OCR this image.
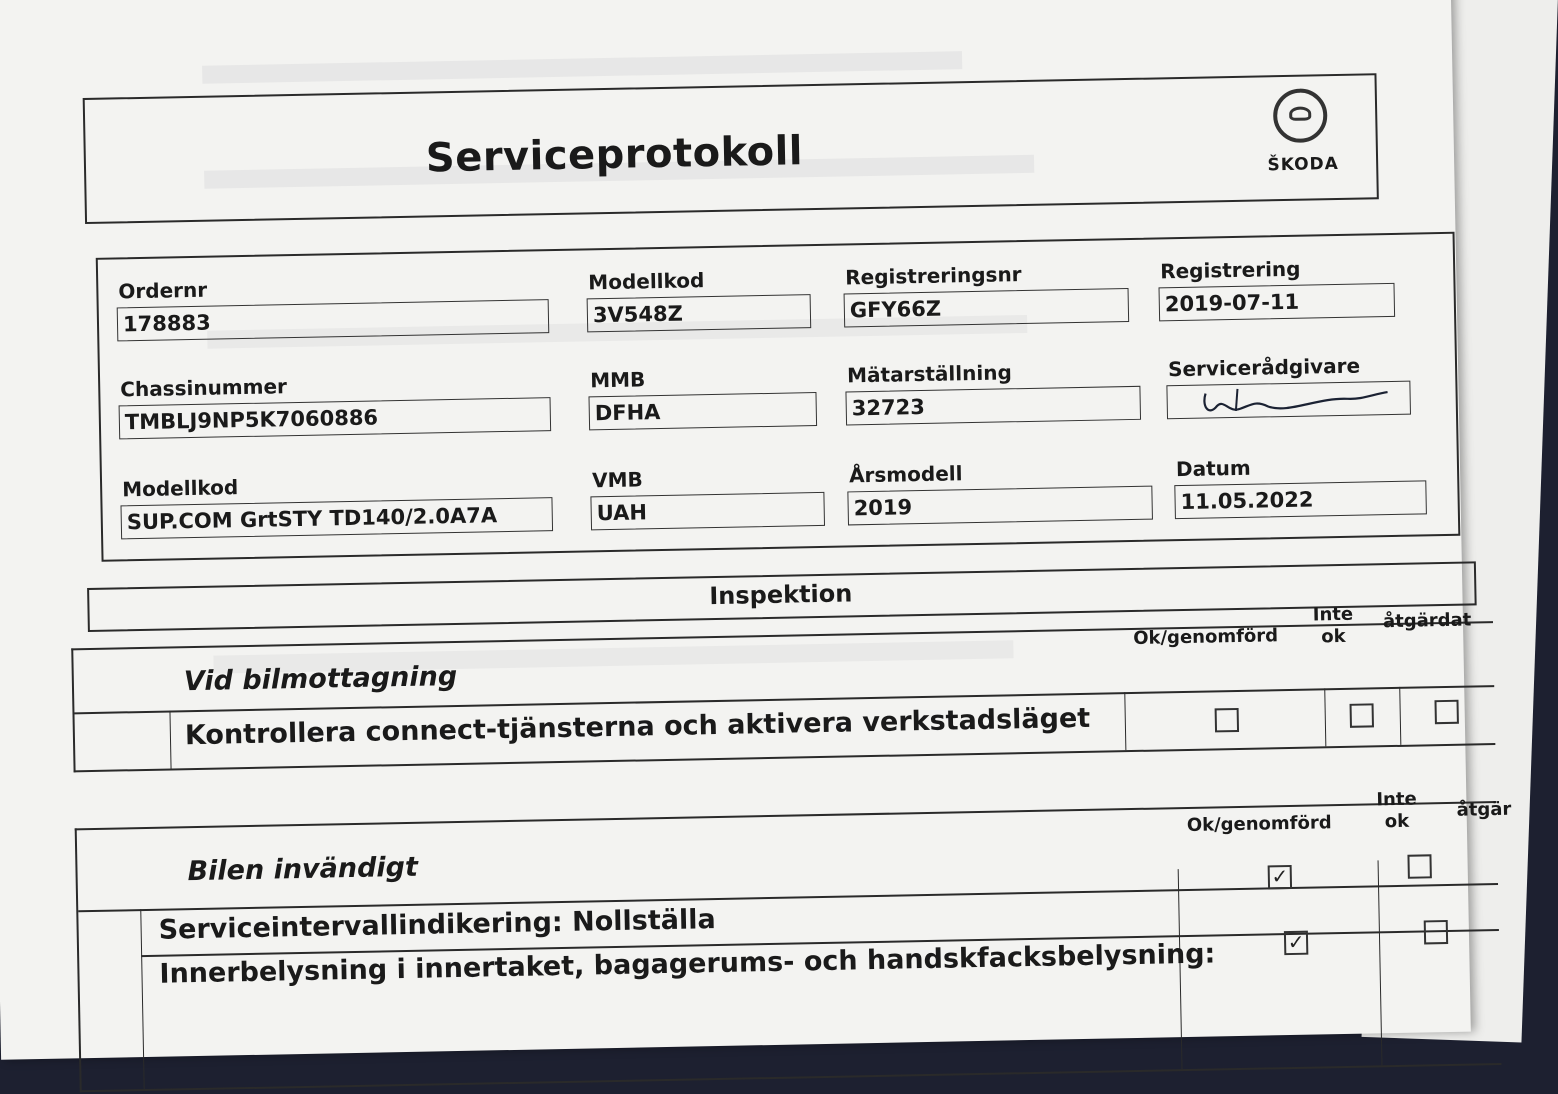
Serviceprotokoll	ŠKODA
Ordernr
178883
Modellkod
3V548Z
Registreringsnr
GFY66Z
Registrering
2019-07-11
Chassinummer
TMBLJ9NP5K7060886
MMB
DFHA
Mätarställning
32723
Servicerådgivare
Modellkod
SUP.COM GrtSTY TD140/2.0A7A
VMB
UAH
Årsmodell
2019
Datum
11.05.2022
Inspektion
Vid bilmottagning
Ok/genomförd
Inte
ok
åtgärdat
Kontrollera connect-tjänsterna och aktivera verkstadsläget
Bilen invändigt
Ok/genomförd
Inte
ok
åtgär
Serviceintervallindikering: Nollställa
✓
Innerbelysning i innertaket, bagagerums- och handskfacksbelysning:	✓
